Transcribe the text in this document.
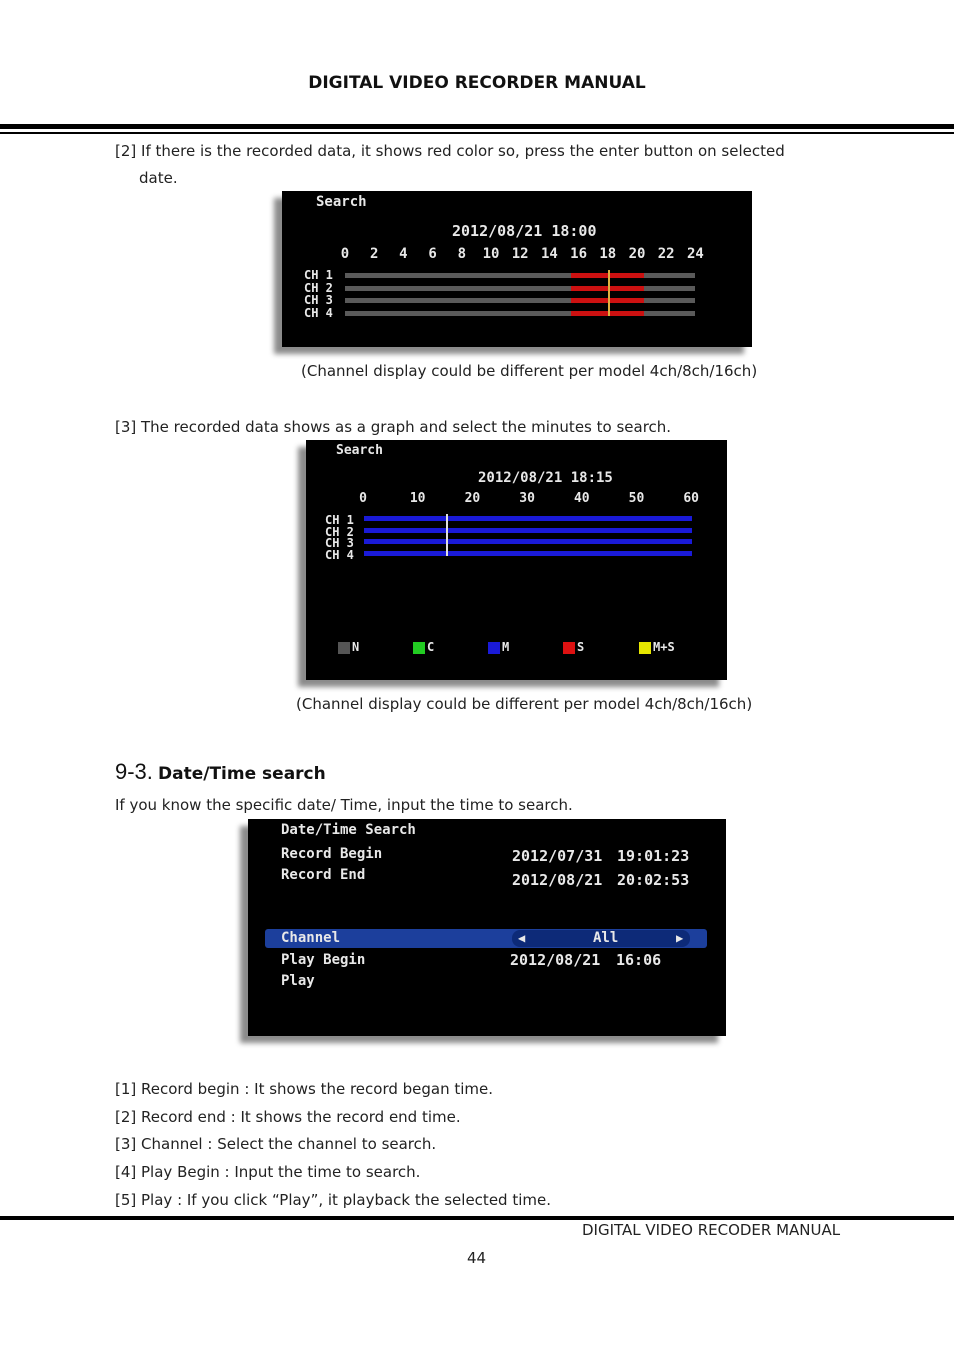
DIGITAL VIDEO RECORDER MANUAL
[2] If there is the recorded data, it shows red color so, press the enter button on selected
date.
Search
2012/08/21 18:00
0	2	4	6	8	10 12 14 16 18 20 22 24
CH 1
CH 2
CH 3
CH 4
(Channel display could be different per model 4ch/8ch/16ch)
[3] The recorded data shows as a graph and select the minutes to search.
Search
2012/08/21 18:15
0	10	20	30	40	50	60
CH 1
CH 2
CH 3
CH 4
N	C	M	S	M+S
(Channel display could be different per model 4ch/8ch/16ch)
9-3. Date/Time search
If you know the specific date/ Time, input the time to search.
Date/Time Search
Record Begin	2012/07/31 19:01:23
Record End	2012/08/21 20:02:53
Channel	◀	All	▶
Play Begin	2012/08/21 16:06
Play
[1] Record begin : It shows the record began time.
[2] Record end : It shows the record end time.
[3] Channel : Select the channel to search.
[4] Play Begin : Input the time to search.
[5] Play : If you click “Play”, it playback the selected time.
DIGITAL VIDEO RECODER MANUAL
44
